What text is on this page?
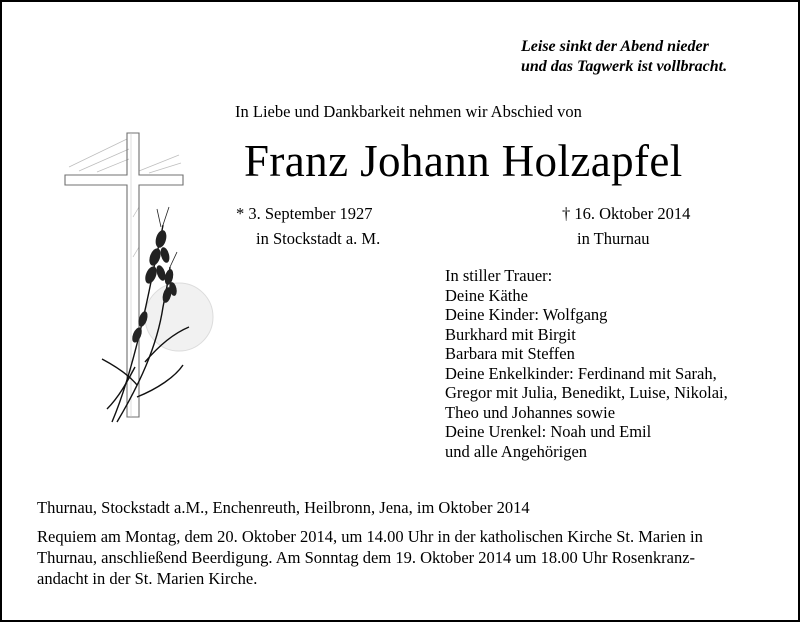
Leise sinkt der Abend nieder
und das Tagwerk ist vollbracht.
In Liebe und Dankbarkeit nehmen wir Abschied von
Franz Johann Holzapfel
* 3. September 1927
in Stockstadt a. M.
† 16. Oktober 2014
in Thurnau
In stiller Trauer:
Deine Käthe
Deine Kinder: Wolfgang
Burkhard mit Birgit
Barbara mit Steffen
Deine Enkelkinder: Ferdinand mit Sarah,
Gregor mit Julia, Benedikt, Luise, Nikolai,
Theo und Johannes sowie
Deine Urenkel: Noah und Emil
und alle Angehörigen
Thurnau, Stockstadt a.M., Enchenreuth, Heilbronn, Jena, im Oktober 2014
Requiem am Montag, dem 20. Oktober 2014, um 14.00 Uhr in der katholischen Kirche St. Marien in
Thurnau, anschließend Beerdigung. Am Sonntag dem 19. Oktober 2014 um 18.00 Uhr Rosenkranz-
andacht in der St. Marien Kirche.
